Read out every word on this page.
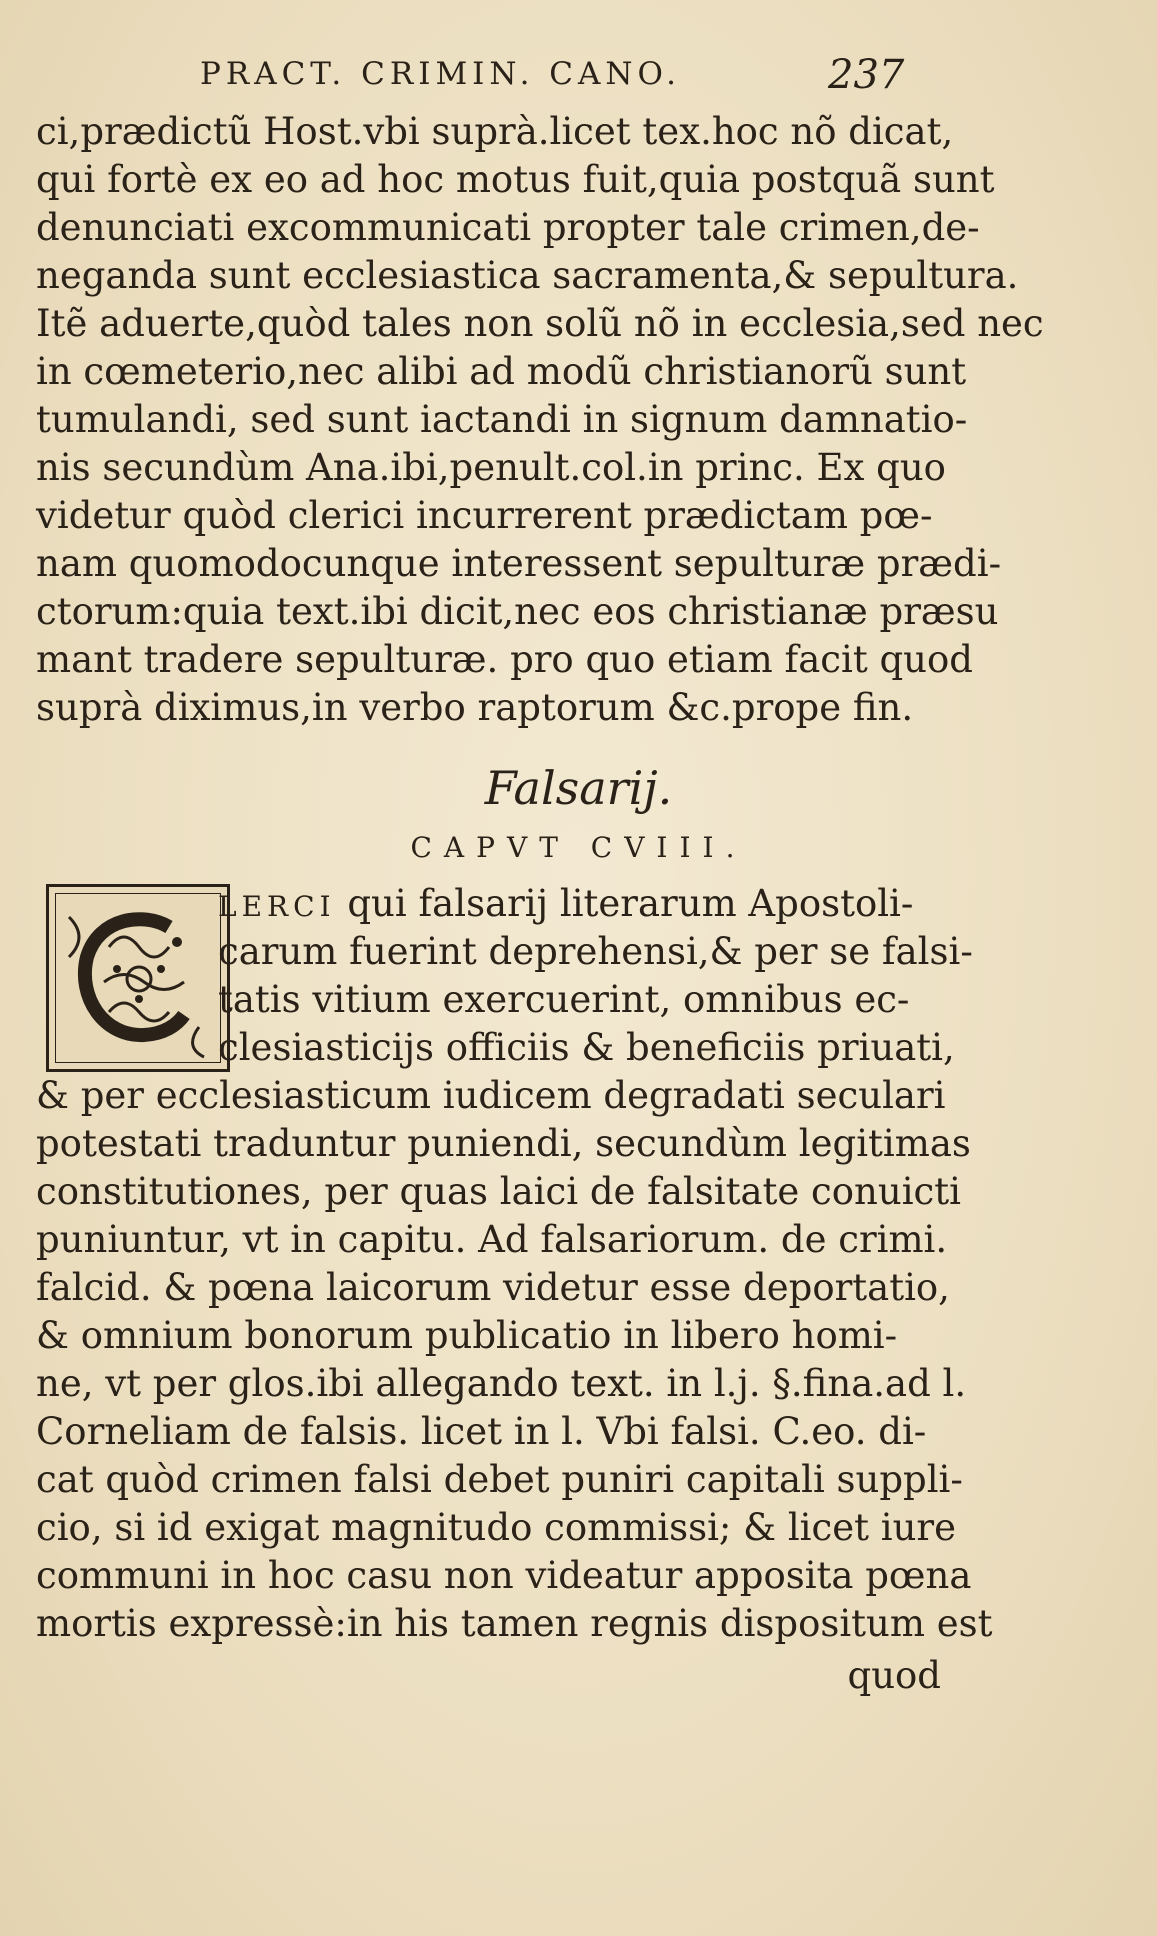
PRACT. CRIMIN. CANO.	237
ci,prædictũ Host.vbi suprà.licet tex.hoc nõ dicat,
qui fortè ex eo ad hoc motus fuit,quia postquã sunt
denunciati excommunicati propter tale crimen,de-
neganda sunt ecclesiastica sacramenta,& sepultura.
Itẽ aduerte,quòd tales non solũ nõ in ecclesia,sed nec
in cœmeterio,nec alibi ad modũ christianorũ sunt
tumulandi, sed sunt iactandi in signum damnatio-
nis secundùm Ana.ibi,penult.col.in princ. Ex quo
videtur quòd clerici incurrerent prædictam pœ-
nam quomodocunque interessent sepulturæ prædi-
ctorum:quia text.ibi dicit,nec eos christianæ præsu
mant tradere sepulturæ. pro quo etiam facit quod
suprà diximus,in verbo raptorum &c.prope fin.
Falsarij.
CAPVT CVIII.
LERCI qui falsarij literarum Apostoli-
carum fuerint deprehensi,& per se falsi-
tatis vitium exercuerint, omnibus ec-
clesiasticijs officiis & beneficiis priuati,
& per ecclesiasticum iudicem degradati seculari
potestati traduntur puniendi, secundùm legitimas
constitutiones, per quas laici de falsitate conuicti
puniuntur, vt in capitu. Ad falsariorum. de crimi.
falcid. & pœna laicorum videtur esse deportatio,
& omnium bonorum publicatio in libero homi-
ne, vt per glos.ibi allegando text. in l.j. §.fina.ad l.
Corneliam de falsis. licet in l. Vbi falsi. C.eo. di-
cat quòd crimen falsi debet puniri capitali suppli-
cio, si id exigat magnitudo commissi; & licet iure
communi in hoc casu non videatur apposita pœna
mortis expressè:in his tamen regnis dispositum est
quod
